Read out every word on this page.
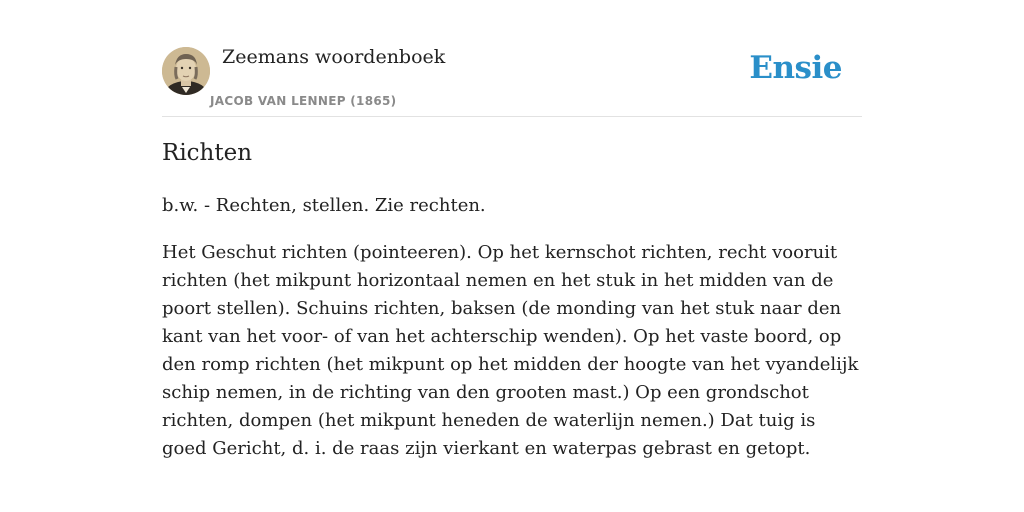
Zeemans woordenboek
JACOB VAN LENNEP (1865)
Ensie
Richten

b.w. - Rechten, stellen. Zie rechten.

Het Geschut richten (pointeeren). Op het kernschot richten, recht vooruit richten (het mikpunt horizontaal nemen en het stuk in het midden van de poort stellen). Schuins richten, baksen (de monding van het stuk naar den kant van het voor- of van het achterschip wenden). Op het vaste boord, op den romp richten (het mikpunt op het midden der hoogte van het vyandelijk schip nemen, in de richting van den grooten mast.) Op een grondschot richten, dompen (het mikpunt heneden de waterlijn nemen.) Dat tuig is goed Gericht, d. i. de raas zijn vierkant en waterpas gebrast en getopt.
